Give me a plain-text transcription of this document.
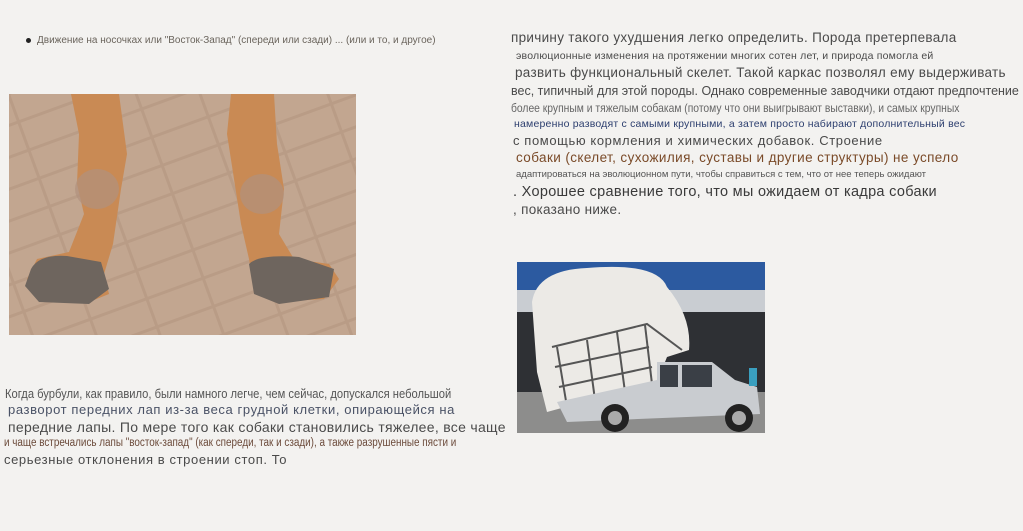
Движение на носочках или "Восток-Запад" (спереди или сзади) ... (или и то, и другое)	причину такого ухудшения легко определить. Порода претерпевала
эволюционные изменения на протяжении многих сотен лет, и природа помогла ей
развить функциональный скелет. Такой каркас позволял ему выдерживать
вес, типичный для этой породы. Однако современные заводчики отдают предпочтение
более крупным и тяжелым собакам (потому что они выигрывают выставки), и самых крупных
намеренно разводят с самыми крупными, а затем просто набирают дополнительный вес
с помощью кормления и химических добавок. Строение
собаки (скелет, сухожилия, суставы и другие структуры) не успело
адаптироваться на эволюционном пути, чтобы справиться с тем, что от нее теперь ожидают
. Хорошее сравнение того, что мы ожидаем от кадра собаки
, показано ниже.
Когда бурбули, как правило, были намного легче, чем сейчас, допускался небольшой
разворот передних лап из-за веса грудной клетки, опирающейся на
передние лапы. По мере того как собаки становились тяжелее, все чаще
и чаще встречались лапы "восток-запад" (как спереди, так и сзади), а также разрушенные пясти и
серьезные отклонения в строении стоп. То
